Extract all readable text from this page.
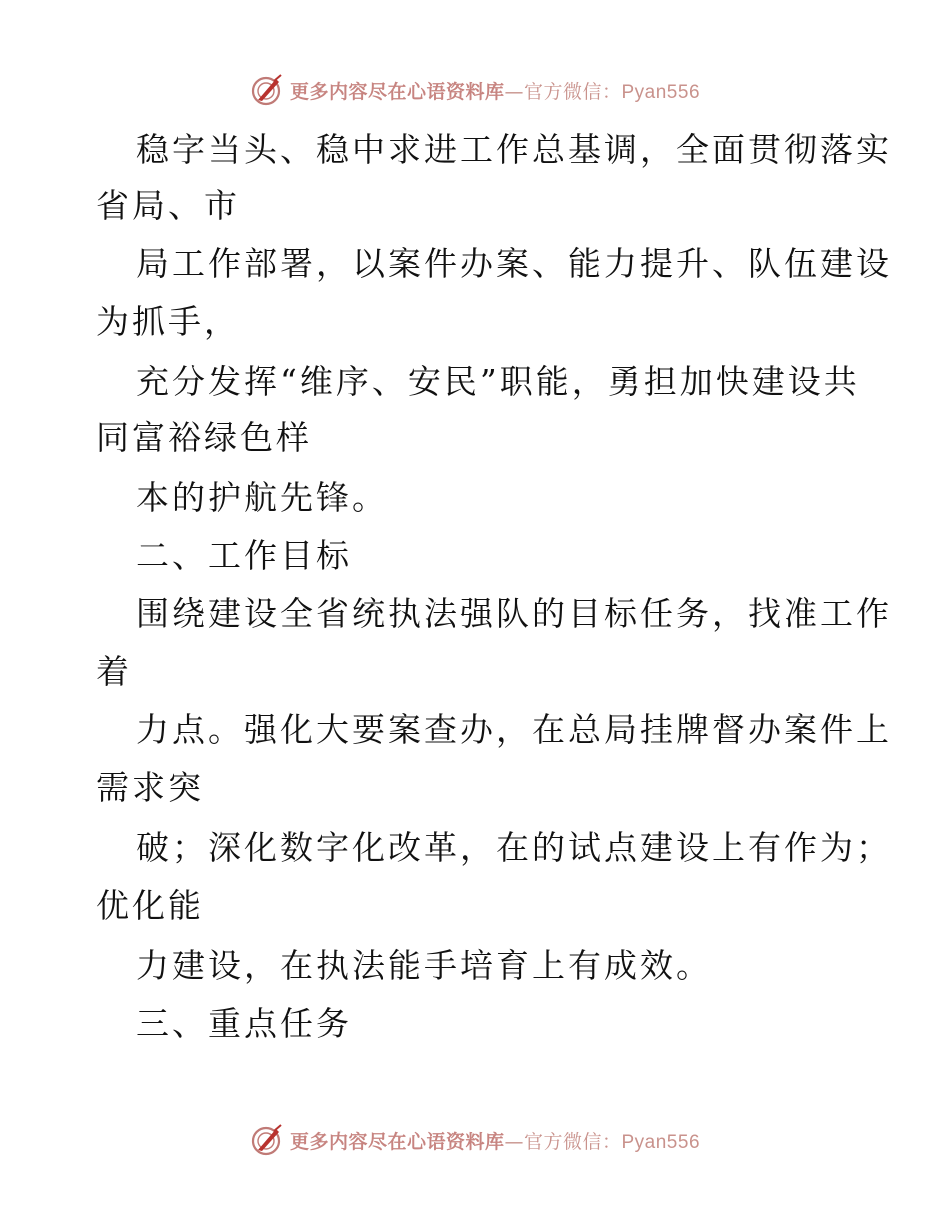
更多内容尽在心语资料库—官方微信：Pyan556
稳字当头、稳中求进工作总基调，全面贯彻落实
省局、市
局工作部署，以案件办案、能力提升、队伍建设
为抓手，
充分发挥“维序、安民”职能，勇担加快建设共
同富裕绿色样
本的护航先锋。
二、工作目标
围绕建设全省统执法强队的目标任务，找准工作
着
力点。强化大要案查办，在总局挂牌督办案件上
需求突
破；深化数字化改革，在的试点建设上有作为；
优化能
力建设，在执法能手培育上有成效。
三、重点任务
更多内容尽在心语资料库—官方微信：Pyan556
